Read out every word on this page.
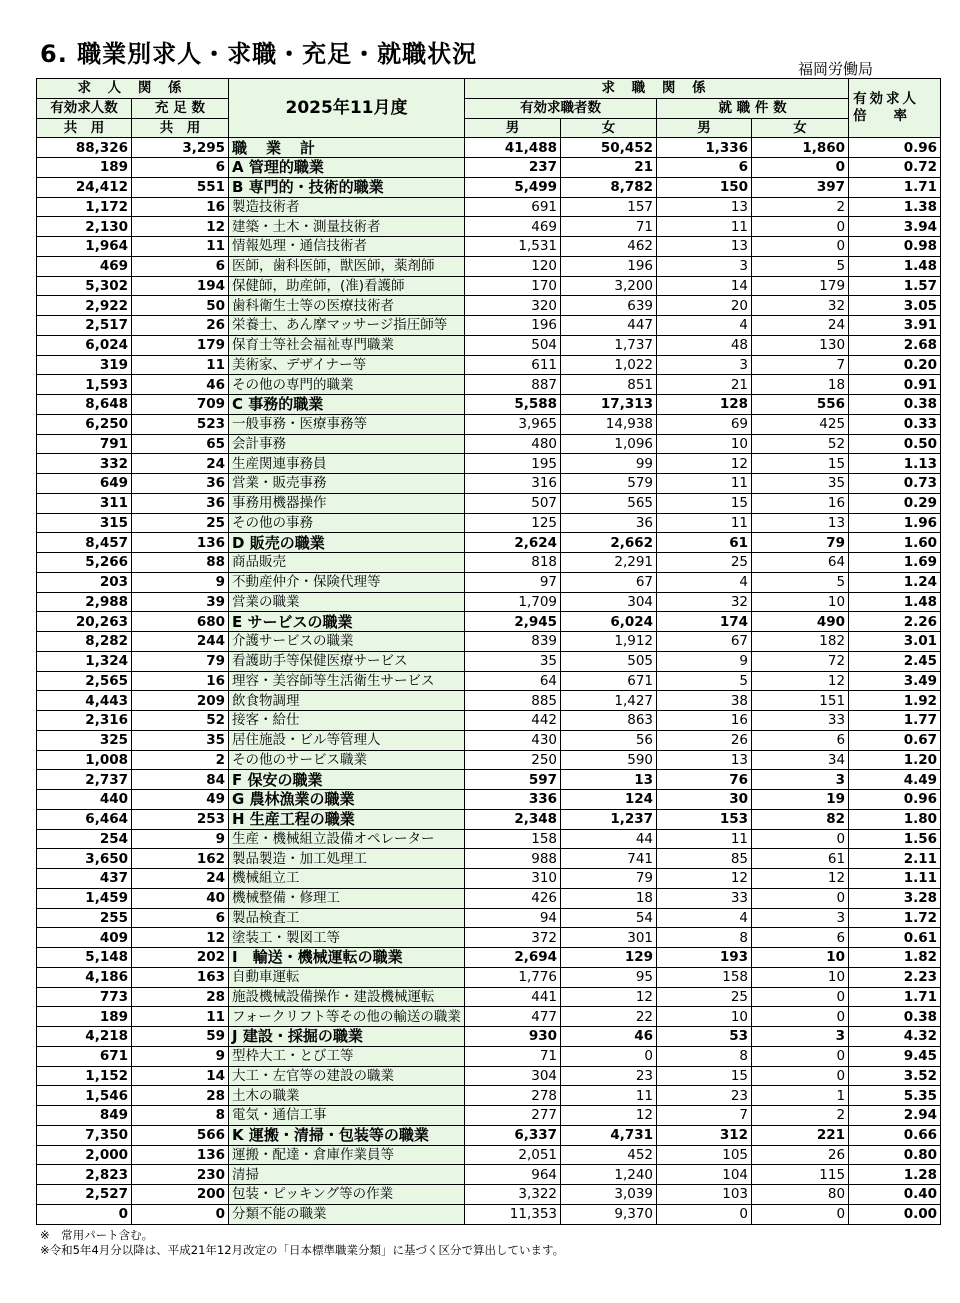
6. 職業別求人・求職・充足・就職状況
福岡労働局
求 人 関 係		2025年11月度	求 職 関 係				有効求人
倍　　率

有効求人数	充 足 数		有効求職者数		就 職 件 数		
共　用	共　用		男	女	男	女	
88,326	3,295	職　業　計	41,488	50,452	1,336	1,860	0.96
189	6	A 管理的職業	237	21	6	0	0.72
24,412	551	B 専門的・技術的職業	5,499	8,782	150	397	1.71
1,172	16	製造技術者	691	157	13	2	1.38
2,130	12	建築・土木・測量技術者	469	71	11	0	3.94
1,964	11	情報処理・通信技術者	1,531	462	13	0	0.98
469	6	医師，歯科医師，獣医師，薬剤師	120	196	3	5	1.48
5,302	194	保健師，助産師，(准)看護師	170	3,200	14	179	1.57
2,922	50	歯科衛生士等の医療技術者	320	639	20	32	3.05
2,517	26	栄養士、あん摩マッサージ指圧師等	196	447	4	24	3.91
6,024	179	保育士等社会福祉専門職業	504	1,737	48	130	2.68
319	11	美術家、デザイナー等	611	1,022	3	7	0.20
1,593	46	その他の専門的職業	887	851	21	18	0.91
8,648	709	C 事務的職業	5,588	17,313	128	556	0.38
6,250	523	一般事務・医療事務等	3,965	14,938	69	425	0.33
791	65	会計事務	480	1,096	10	52	0.50
332	24	生産関連事務員	195	99	12	15	1.13
649	36	営業・販売事務	316	579	11	35	0.73
311	36	事務用機器操作	507	565	15	16	0.29
315	25	その他の事務	125	36	11	13	1.96
8,457	136	D 販売の職業	2,624	2,662	61	79	1.60
5,266	88	商品販売	818	2,291	25	64	1.69
203	9	不動産仲介・保険代理等	97	67	4	5	1.24
2,988	39	営業の職業	1,709	304	32	10	1.48
20,263	680	E サービスの職業	2,945	6,024	174	490	2.26
8,282	244	介護サービスの職業	839	1,912	67	182	3.01
1,324	79	看護助手等保健医療サービス	35	505	9	72	2.45
2,565	16	理容・美容師等生活衛生サービス	64	671	5	12	3.49
4,443	209	飲食物調理	885	1,427	38	151	1.92
2,316	52	接客・給仕	442	863	16	33	1.77
325	35	居住施設・ビル等管理人	430	56	26	6	0.67
1,008	2	その他のサービス職業	250	590	13	34	1.20
2,737	84	F 保安の職業	597	13	76	3	4.49
440	49	G 農林漁業の職業	336	124	30	19	0.96
6,464	253	H 生産工程の職業	2,348	1,237	153	82	1.80
254	9	生産・機械組立設備オペレーター	158	44	11	0	1.56
3,650	162	製品製造・加工処理工	988	741	85	61	2.11
437	24	機械組立工	310	79	12	12	1.11
1,459	40	機械整備・修理工	426	18	33	0	3.28
255	6	製品検査工	94	54	4	3	1.72
409	12	塗装工・製図工等	372	301	8	6	0.61
5,148	202	I　輸送・機械運転の職業	2,694	129	193	10	1.82
4,186	163	自動車運転	1,776	95	158	10	2.23
773	28	施設機械設備操作・建設機械運転	441	12	25	0	1.71
189	11	フォークリフト等その他の輸送の職業	477	22	10	0	0.38
4,218	59	J 建設・採掘の職業	930	46	53	3	4.32
671	9	型枠大工・とび工等	71	0	8	0	9.45
1,152	14	大工・左官等の建設の職業	304	23	15	0	3.52
1,546	28	土木の職業	278	11	23	1	5.35
849	8	電気・通信工事	277	12	7	2	2.94
7,350	566	K 運搬・清掃・包装等の職業	6,337	4,731	312	221	0.66
2,000	136	運搬・配達・倉庫作業員等	2,051	452	105	26	0.80
2,823	230	清掃	964	1,240	104	115	1.28
2,527	200	包装・ピッキング等の作業	3,322	3,039	103	80	0.40
0	0	分類不能の職業	11,353	9,370	0	0	0.00
※　常用パート含む。
※令和5年4月分以降は、平成21年12月改定の「日本標準職業分類」に基づく区分で算出しています。
